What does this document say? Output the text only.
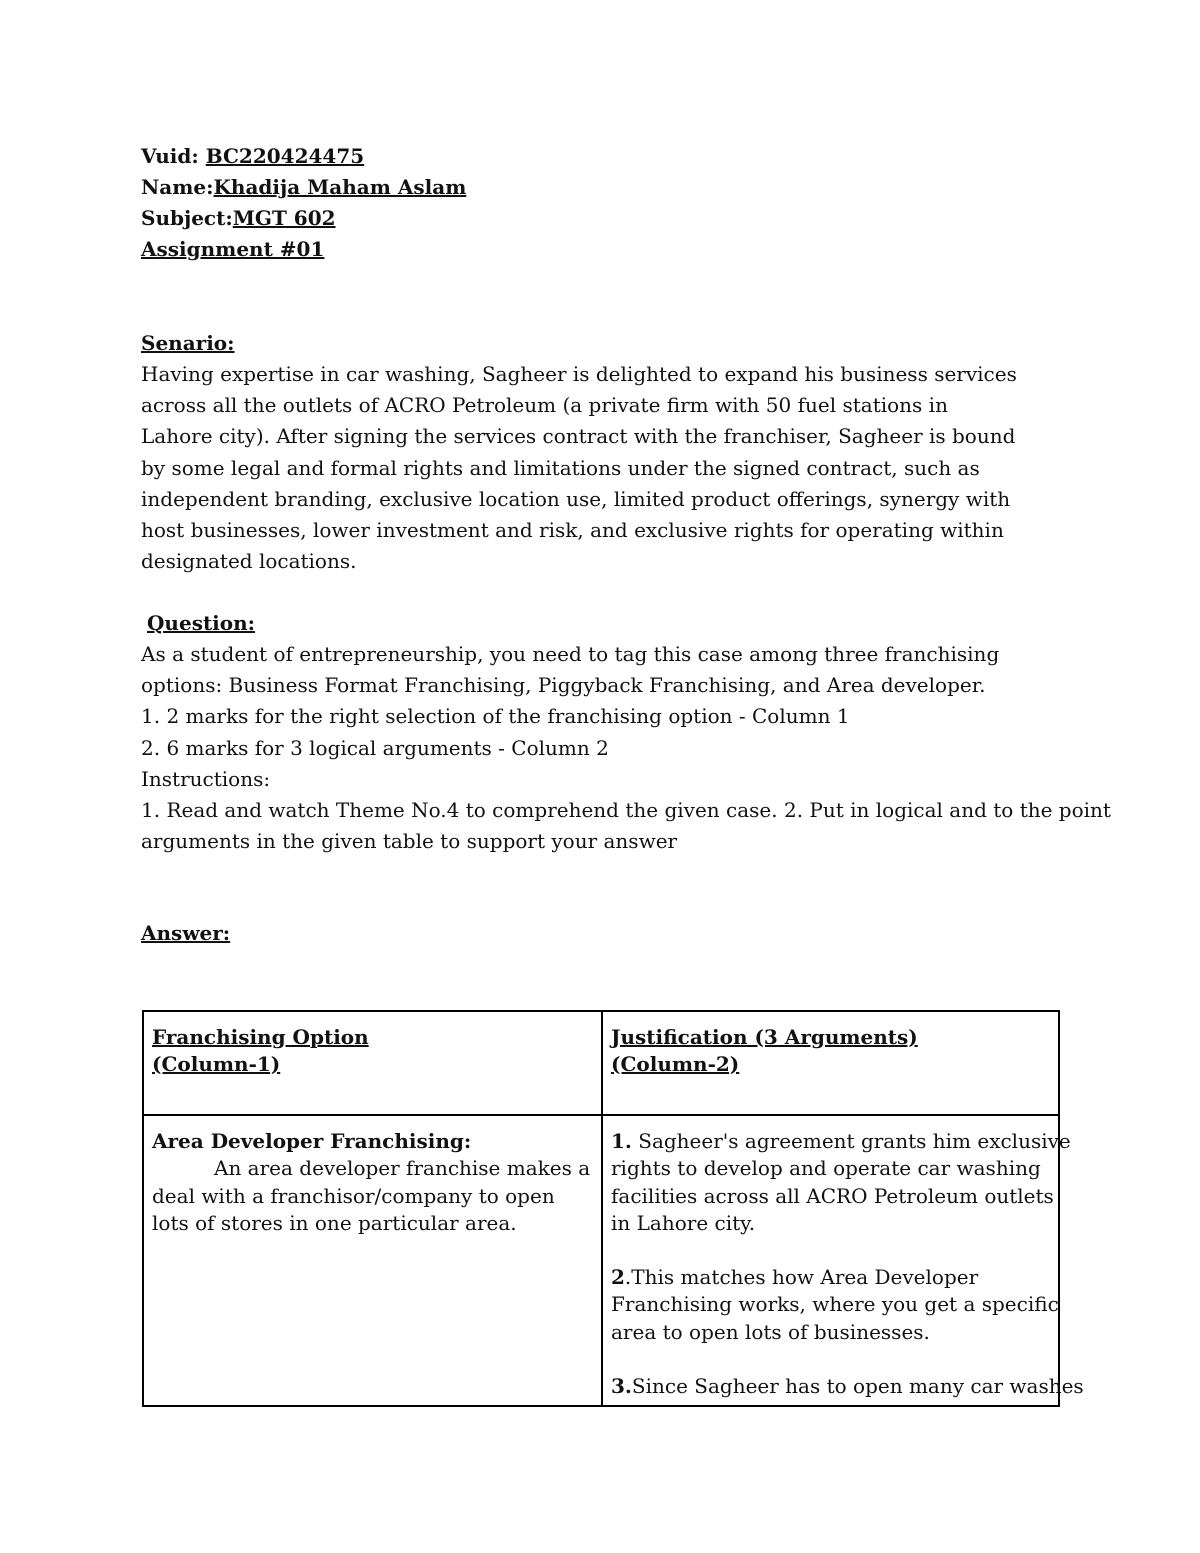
Vuid: BC220424475
Name:Khadija Maham Aslam
Subject:MGT 602
Assignment #01
Senario:
Having expertise in car washing, Sagheer is delighted to expand his business services
across all the outlets of ACRO Petroleum (a private firm with 50 fuel stations in
Lahore city). After signing the services contract with the franchiser, Sagheer is bound
by some legal and formal rights and limitations under the signed contract, such as
independent branding, exclusive location use, limited product offerings, synergy with
host businesses, lower investment and risk, and exclusive rights for operating within
designated locations.
Question:
As a student of entrepreneurship, you need to tag this case among three franchising
options: Business Format Franchising, Piggyback Franchising, and Area developer.
1. 2 marks for the right selection of the franchising option - Column 1
2. 6 marks for 3 logical arguments - Column 2
Instructions:
1. Read and watch Theme No.4 to comprehend the given case. 2. Put in logical and to the point
arguments in the given table to support your answer
Answer:
Franchising Option
(Column-1)
Justification (3 Arguments)
(Column-2)
Area Developer Franchising:
An area developer franchise makes a
deal with a franchisor/company to open
lots of stores in one particular area.
1. Sagheer's agreement grants him exclusive
rights to develop and operate car washing
facilities across all ACRO Petroleum outlets
in Lahore city.
2.This matches how Area Developer
Franchising works, where you get a specific
area to open lots of businesses.
3.Since Sagheer has to open many car washes
